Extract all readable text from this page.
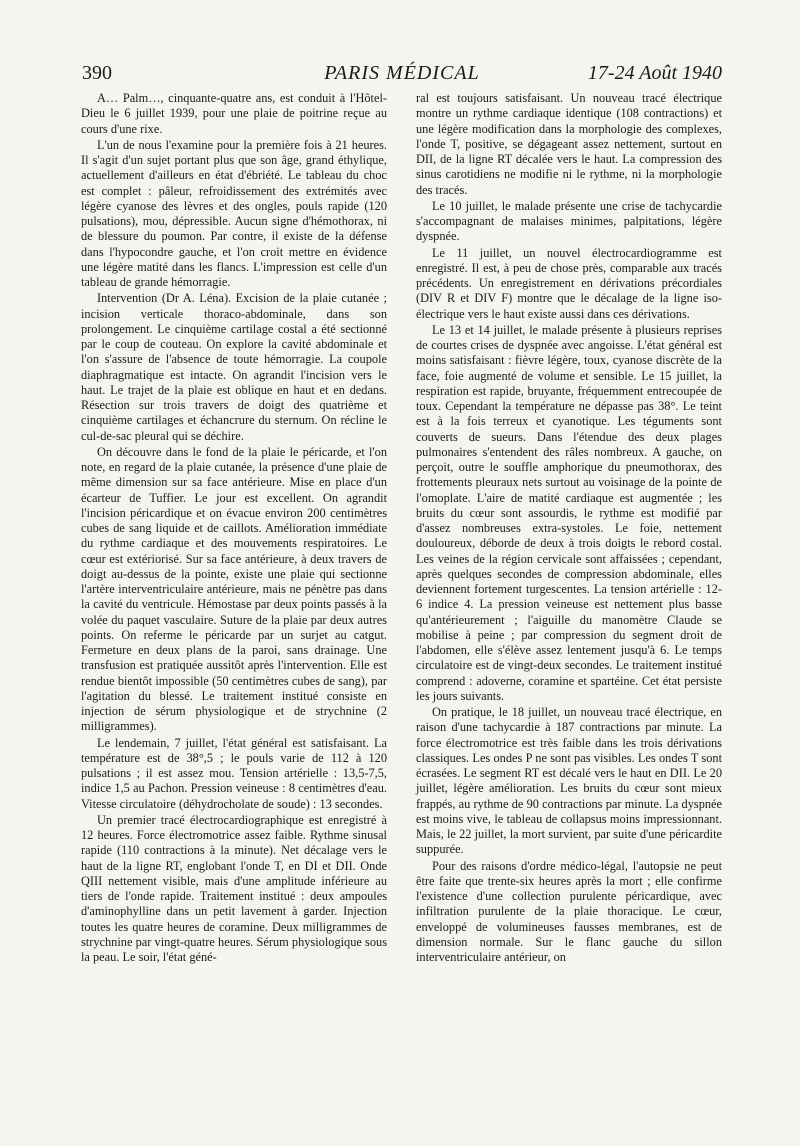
390	PARIS MÉDICAL	17-24 Août 1940

A… Palm…, cinquante-quatre ans, est conduit à l'Hôtel-Dieu le 6 juillet 1939, pour une plaie de poitrine reçue au cours d'une rixe.

L'un de nous l'examine pour la première fois à 21 heures. Il s'agit d'un sujet portant plus que son âge, grand éthylique, actuellement d'ailleurs en état d'ébriété. Le tableau du choc est complet : pâleur, refroidissement des extrémités avec légère cyanose des lèvres et des ongles, pouls rapide (120 pulsations), mou, dépressible. Aucun signe d'hémothorax, ni de blessure du poumon. Par contre, il existe de la défense dans l'hypocondre gauche, et l'on croit mettre en évidence une légère matité dans les flancs. L'impression est celle d'un tableau de grande hémorragie.

Intervention (Dr A. Léna). Excision de la plaie cutanée ; incision verticale thoraco-abdominale, dans son prolongement. Le cinquième cartilage costal a été sectionné par le coup de couteau. On explore la cavité abdominale et l'on s'assure de l'absence de toute hémorragie. La coupole diaphragmatique est intacte. On agrandit l'incision vers le haut. Le trajet de la plaie est oblique en haut et en dedans. Résection sur trois travers de doigt des quatrième et cinquième cartilages et échancrure du sternum. On récline le cul-de-sac pleural qui se déchire.

On découvre dans le fond de la plaie le péricarde, et l'on note, en regard de la plaie cutanée, la présence d'une plaie de même dimension sur sa face antérieure. Mise en place d'un écarteur de Tuffier. Le jour est excellent. On agrandit l'incision péricardique et on évacue environ 200 centimètres cubes de sang liquide et de caillots. Amélioration immédiate du rythme cardiaque et des mouvements respiratoires. Le cœur est extériorisé. Sur sa face antérieure, à deux travers de doigt au-dessus de la pointe, existe une plaie qui sectionne l'artère interventriculaire antérieure, mais ne pénètre pas dans la cavité du ventricule. Hémostase par deux points passés à la volée du paquet vasculaire. Suture de la plaie par deux autres points. On referme le péricarde par un surjet au catgut. Fermeture en deux plans de la paroi, sans drainage. Une transfusion est pratiquée aussitôt après l'intervention. Elle est rendue bientôt impossible (50 centimètres cubes de sang), par l'agitation du blessé. Le traitement institué consiste en injection de sérum physiologique et de strychnine (2 milligrammes).

Le lendemain, 7 juillet, l'état général est satisfaisant. La température est de 38°,5 ; le pouls varie de 112 à 120 pulsations ; il est assez mou. Tension artérielle : 13,5-7,5, indice 1,5 au Pachon. Pression veineuse : 8 centimètres d'eau. Vitesse circulatoire (déhydrocholate de soude) : 13 secondes.

Un premier tracé électrocardiographique est enregistré à 12 heures. Force électromotrice assez faible. Rythme sinusal rapide (110 contractions à la minute). Net décalage vers le haut de la ligne RT, englobant l'onde T, en DI et DII. Onde QIII nettement visible, mais d'une amplitude inférieure au tiers de l'onde rapide. Traitement institué : deux ampoules d'aminophylline dans un petit lavement à garder. Injection toutes les quatre heures de coramine. Deux milligrammes de strychnine par vingt-quatre heures. Sérum physiologique sous la peau. Le soir, l'état géné-

ral est toujours satisfaisant. Un nouveau tracé électrique montre un rythme cardiaque identique (108 contractions) et une légère modification dans la morphologie des complexes, l'onde T, positive, se dégageant assez nettement, surtout en DII, de la ligne RT décalée vers le haut. La compression des sinus carotidiens ne modifie ni le rythme, ni la morphologie des tracés.

Le 10 juillet, le malade présente une crise de tachycardie s'accompagnant de malaises minimes, palpitations, légère dyspnée.

Le 11 juillet, un nouvel électrocardiogramme est enregistré. Il est, à peu de chose près, comparable aux tracés précédents. Un enregistrement en dérivations précordiales (DIV R et DIV F) montre que le décalage de la ligne iso-électrique vers le haut existe aussi dans ces dérivations.

Le 13 et 14 juillet, le malade présente à plusieurs reprises de courtes crises de dyspnée avec angoisse. L'état général est moins satisfaisant : fièvre légère, toux, cyanose discrète de la face, foie augmenté de volume et sensible. Le 15 juillet, la respiration est rapide, bruyante, fréquemment entrecoupée de toux. Cependant la température ne dépasse pas 38°. Le teint est à la fois terreux et cyanotique. Les téguments sont couverts de sueurs. Dans l'étendue des deux plages pulmonaires s'entendent des râles nombreux. A gauche, on perçoit, outre le souffle amphorique du pneumothorax, des frottements pleuraux nets surtout au voisinage de la pointe de l'omoplate. L'aire de matité cardiaque est augmentée ; les bruits du cœur sont assourdis, le rythme est modifié par d'assez nombreuses extra-systoles. Le foie, nettement douloureux, déborde de deux à trois doigts le rebord costal. Les veines de la région cervicale sont affaissées ; cependant, après quelques secondes de compression abdominale, elles deviennent fortement turgescentes. La tension artérielle : 12-6 indice 4. La pression veineuse est nettement plus basse qu'antérieurement ; l'aiguille du manomètre Claude se mobilise à peine ; par compression du segment droit de l'abdomen, elle s'élève assez lentement jusqu'à 6. Le temps circulatoire est de vingt-deux secondes. Le traitement institué comprend : adoverne, coramine et spartéine. Cet état persiste les jours suivants.

On pratique, le 18 juillet, un nouveau tracé électrique, en raison d'une tachycardie à 187 contractions par minute. La force électromotrice est très faible dans les trois dérivations classiques. Les ondes P ne sont pas visibles. Les ondes T sont écrasées. Le segment RT est décalé vers le haut en DII. Le 20 juillet, légère amélioration. Les bruits du cœur sont mieux frappés, au rythme de 90 contractions par minute. La dyspnée est moins vive, le tableau de collapsus moins impressionnant. Mais, le 22 juillet, la mort survient, par suite d'une péricardite suppurée.

Pour des raisons d'ordre médico-légal, l'autopsie ne peut être faite que trente-six heures après la mort ; elle confirme l'existence d'une collection purulente péricardique, avec infiltration purulente de la plaie thoracique. Le cœur, enveloppé de volumineuses fausses membranes, est de dimension normale. Sur le flanc gauche du sillon interventriculaire antérieur, on
